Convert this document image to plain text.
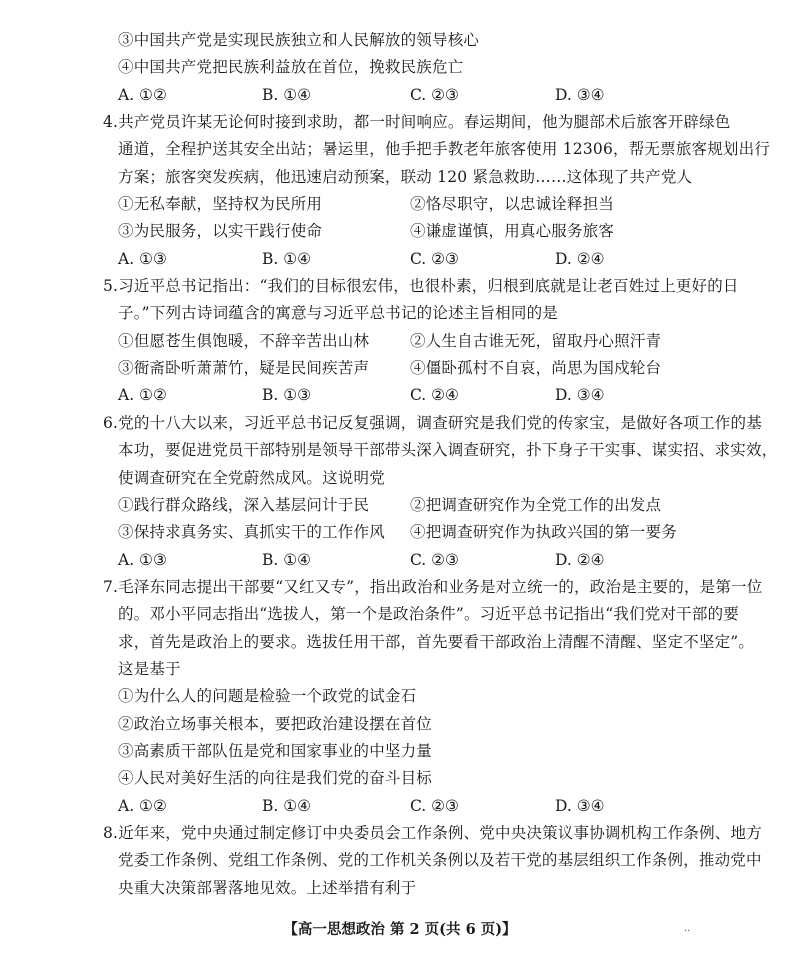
③中国共产党是实现民族独立和人民解放的领导核心
④中国共产党把民族利益放在首位，挽救民族危亡
A. ①②	B. ①④	C. ②③	D. ③④
4.共产党员许某无论何时接到求助，都一时间响应。春运期间，他为腿部术后旅客开辟绿色
通道，全程护送其安全出站；暑运里，他手把手教老年旅客使用 12306，帮无票旅客规划出行
方案；旅客突发疾病，他迅速启动预案，联动 120 紧急救助……这体现了共产党人
①无私奉献，坚持权为民所用	②恪尽职守，以忠诚诠释担当
③为民服务，以实干践行使命	④谦虚谨慎，用真心服务旅客
A. ①③	B. ①④	C. ②③	D. ②④
5.习近平总书记指出：“我们的目标很宏伟，也很朴素，归根到底就是让老百姓过上更好的日
子。”下列古诗词蕴含的寓意与习近平总书记的论述主旨相同的是
①但愿苍生俱饱暖，不辞辛苦出山林	②人生自古谁无死，留取丹心照汗青
③衙斋卧听萧萧竹，疑是民间疾苦声	④僵卧孤村不自哀，尚思为国戍轮台
A. ①②	B. ①③	C. ②④	D. ③④
6.党的十八大以来，习近平总书记反复强调，调查研究是我们党的传家宝，是做好各项工作的基
本功，要促进党员干部特别是领导干部带头深入调查研究，扑下身子干实事、谋实招、求实效，
使调查研究在全党蔚然成风。这说明党
①践行群众路线，深入基层问计于民	②把调查研究作为全党工作的出发点
③保持求真务实、真抓实干的工作作风 ④把调查研究作为执政兴国的第一要务
A. ①③	B. ①④	C. ②③	D. ②④
7.毛泽东同志提出干部要“又红又专”，指出政治和业务是对立统一的，政治是主要的，是第一位
的。邓小平同志指出“选拔人，第一个是政治条件”。习近平总书记指出“我们党对干部的要
求，首先是政治上的要求。选拔任用干部，首先要看干部政治上清醒不清醒、坚定不坚定”。
这是基于
①为什么人的问题是检验一个政党的试金石
②政治立场事关根本，要把政治建设摆在首位
③高素质干部队伍是党和国家事业的中坚力量
④人民对美好生活的向往是我们党的奋斗目标
A. ①②	B. ①④	C. ②③	D. ③④
8.近年来，党中央通过制定修订中央委员会工作条例、党中央决策议事协调机构工作条例、地方
党委工作条例、党组工作条例、党的工作机关条例以及若干党的基层组织工作条例，推动党中
央重大决策部署落地见效。上述举措有利于
【高一思想政治 第 2 页(共 6 页)】	··
